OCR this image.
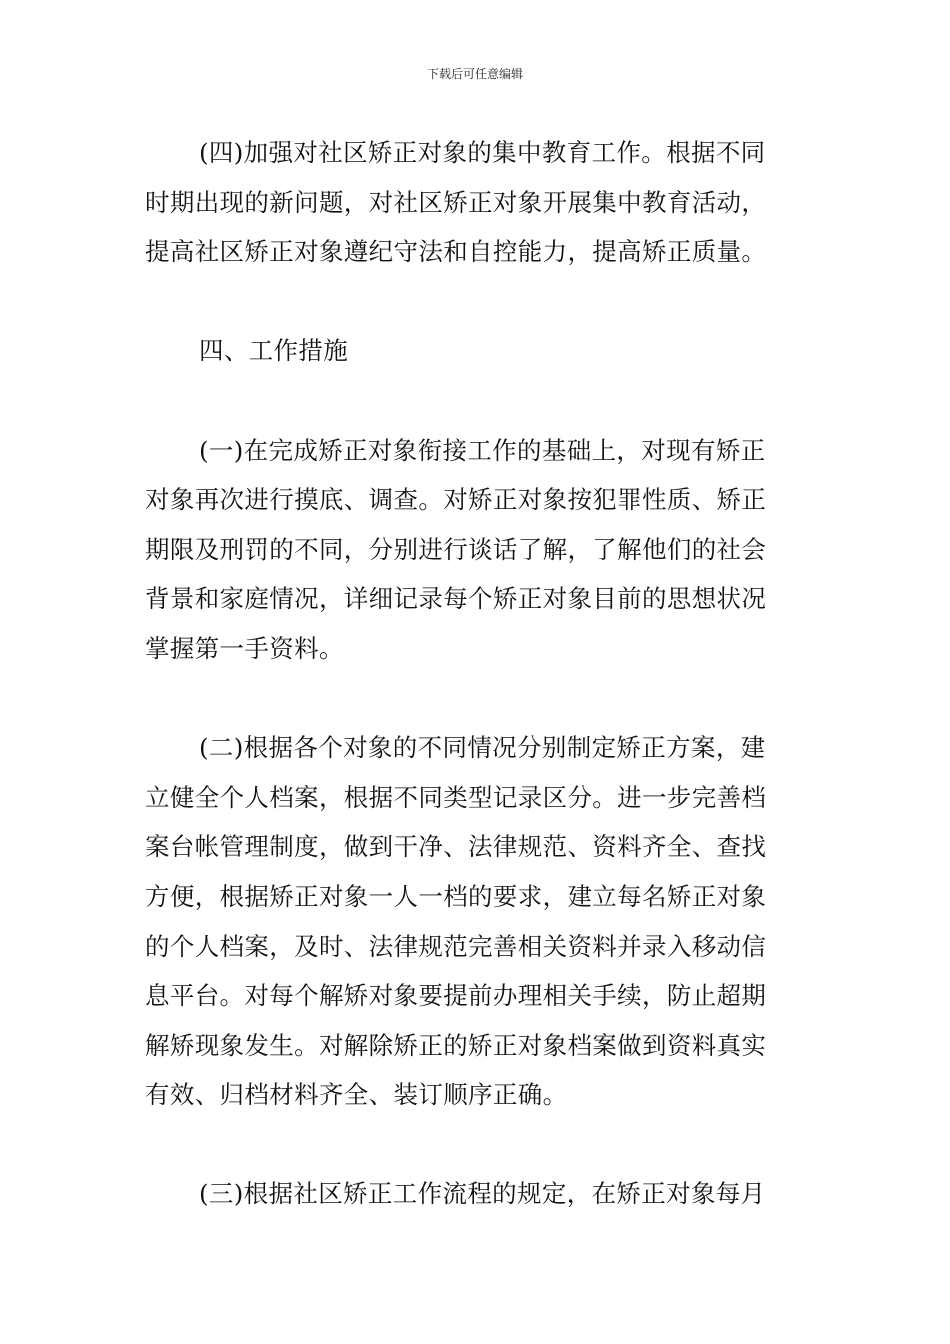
下载后可任意编辑
(四)加强对社区矫正对象的集中教育工作。根据不同
时期出现的新问题，对社区矫正对象开展集中教育活动，
提高社区矫正对象遵纪守法和自控能力，提高矫正质量。
四、工作措施
(一)在完成矫正对象衔接工作的基础上，对现有矫正
对象再次进行摸底、调查。对矫正对象按犯罪性质、矫正
期限及刑罚的不同，分别进行谈话了解，了解他们的社会
背景和家庭情况，详细记录每个矫正对象目前的思想状况
掌握第一手资料。
(二)根据各个对象的不同情况分别制定矫正方案，建
立健全个人档案，根据不同类型记录区分。进一步完善档
案台帐管理制度，做到干净、法律规范、资料齐全、查找
方便，根据矫正对象一人一档的要求，建立每名矫正对象
的个人档案，及时、法律规范完善相关资料并录入移动信
息平台。对每个解矫对象要提前办理相关手续，防止超期
解矫现象发生。对解除矫正的矫正对象档案做到资料真实
有效、归档材料齐全、装订顺序正确。
(三)根据社区矫正工作流程的规定，在矫正对象每月
